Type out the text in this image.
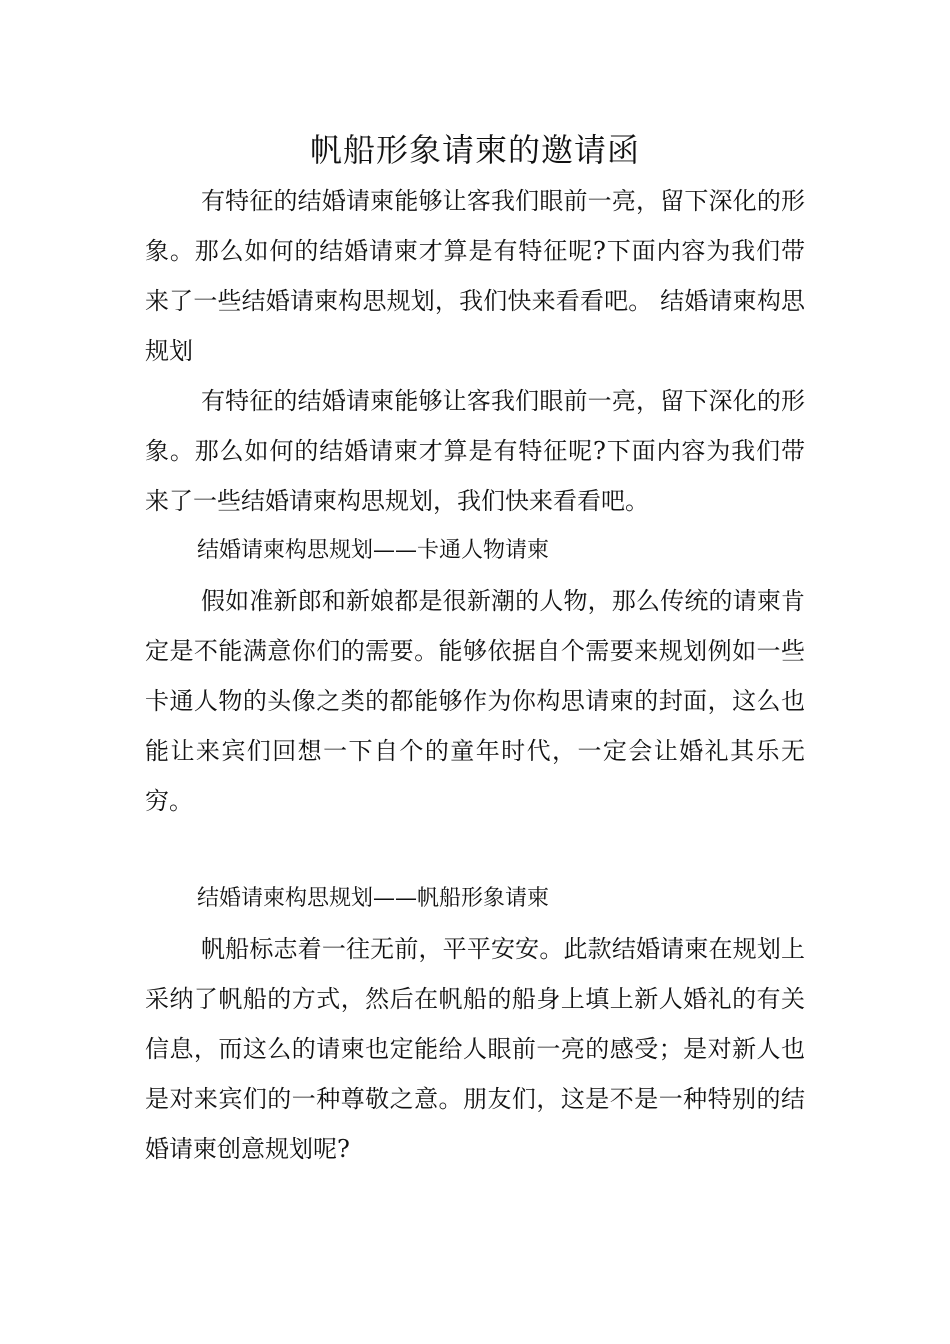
帆船形象请柬的邀请函

有特征的结婚请柬能够让客我们眼前一亮，留下深化的形象。那么如何的结婚请柬才算是有特征呢?下面内容为我们带来了一些结婚请柬构思规划，我们快来看看吧。 结婚请柬构思规划

有特征的结婚请柬能够让客我们眼前一亮，留下深化的形象。那么如何的结婚请柬才算是有特征呢?下面内容为我们带来了一些结婚请柬构思规划，我们快来看看吧。

结婚请柬构思规划——卡通人物请柬

假如准新郎和新娘都是很新潮的人物，那么传统的请柬肯定是不能满意你们的需要。能够依据自个需要来规划例如一些卡通人物的头像之类的都能够作为你构思请柬的封面，这么也能让来宾们回想一下自个的童年时代，一定会让婚礼其乐无穷。

结婚请柬构思规划——帆船形象请柬

帆船标志着一往无前，平平安安。此款结婚请柬在规划上采纳了帆船的方式，然后在帆船的船身上填上新人婚礼的有关信息，而这么的请柬也定能给人眼前一亮的感受；是对新人也是对来宾们的一种尊敬之意。朋友们，这是不是一种特别的结婚请柬创意规划呢?
